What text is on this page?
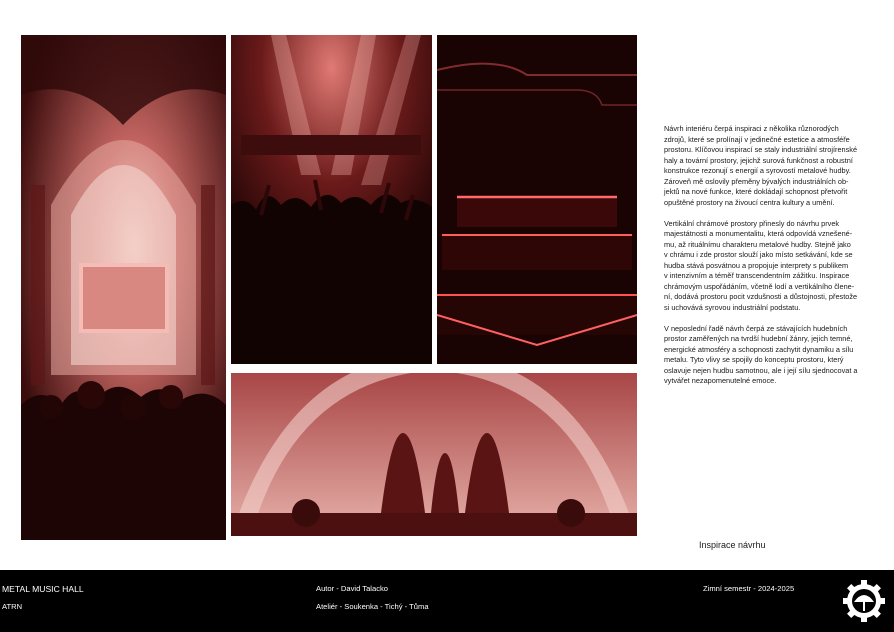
Návrh interiéru čerpá inspiraci z několika různorodých
zdrojů, které se prolínají v jedinečné estetice a atmosféře
prostoru. Klíčovou inspirací se staly industriální strojírenské
haly a tovární prostory, jejichž surová funkčnost a robustní
konstrukce rezonují s energií a syrovostí metalové hudby.
Zároveň mě oslovily přeměny bývalých industriálních ob-
jektů na nové funkce, které dokládají schopnost přetvořit
opuštěné prostory na živoucí centra kultury a umění.

Vertikální chrámové prostory přinesly do návrhu prvek
majestátnosti a monumentalitu, která odpovídá vznešené-
mu, až rituálnímu charakteru metalové hudby. Stejně jako
v chrámu i zde prostor slouží jako místo setkávání, kde se
hudba stává posvátnou a propojuje interprety s publikem
v intenzivním a téměř transcendentním zážitku. Inspirace
chrámovým uspořádáním, včetně lodí a vertikálního člene-
ní, dodává prostoru pocit vzdušnosti a důstojnosti, přestože
si uchovává syrovou industriální podstatu.

V neposlední řadě návrh čerpá ze stávajících hudebních
prostor zaměřených na tvrdší hudební žánry, jejich temné,
energické atmosféry a schopnosti zachytit dynamiku a sílu
metalu. Tyto vlivy se spojily do konceptu prostoru, který
oslavuje nejen hudbu samotnou, ale i její sílu sjednocovat a
vytvářet nezapomenutelné emoce.

Inspirace návrhu
METAL MUSIC HALL
ATRN
Autor - David Talacko
Ateliér - Soukenka - Tichý - Tůma
Zimní semestr - 2024-2025
